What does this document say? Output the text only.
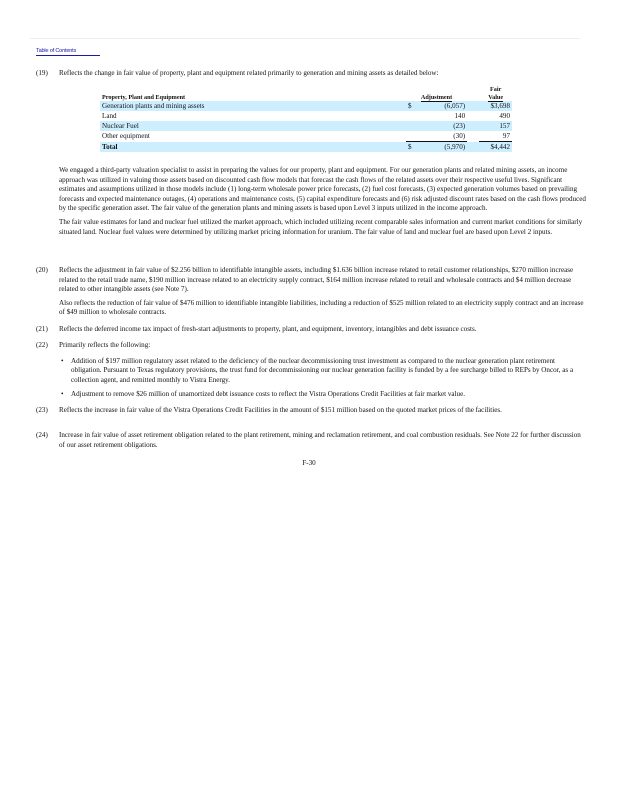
Table of Contents
(19) Reflects the change in fair value of property, plant and equipment related primarily to generation and mining assets as detailed below:

Property, Plant and Equipment	Adjustment			Fair
Value
Generation plants and mining assets	$	(6,057)		$3,698
Land		140		490
Nuclear Fuel		(23)		157
Other equipment		(30)		97
Total	$	(5,970)		$4,442

We engaged a third-party valuation specialist to assist in preparing the values for our property, plant and equipment. For our generation plants and related mining assets, an income approach was utilized in valuing those assets based on discounted cash flow models that forecast the cash flows of the related assets over their respective useful lives. Significant estimates and assumptions utilized in those models include (1) long-term wholesale power price forecasts, (2) fuel cost forecasts, (3) expected generation volumes based on prevailing forecasts and expected maintenance outages, (4) operations and maintenance costs, (5) capital expenditure forecasts and (6) risk adjusted discount rates based on the cash flows produced by the specific generation asset. The fair value of the generation plants and mining assets is based upon Level 3 inputs utilized in the income approach.

The fair value estimates for land and nuclear fuel utilized the market approach, which included utilizing recent comparable sales information and current market conditions for similarly situated land. Nuclear fuel values were determined by utilizing market pricing information for uranium. The fair value of land and nuclear fuel are based upon Level 2 inputs.

(20) Reflects the adjustment in fair value of $2.256 billion to identifiable intangible assets, including $1.636 billion increase related to retail customer relationships, $270 million increase related to the retail trade name, $190 million increase related to an electricity supply contract, $164 million increase related to retail and wholesale contracts and $4 million decrease related to other intangible assets (see Note 7).

Also reflects the reduction of fair value of $476 million to identifiable intangible liabilities, including a reduction of $525 million related to an electricity supply contract and an increase of $49 million to wholesale contracts.

(21) Reflects the deferred income tax impact of fresh-start adjustments to property, plant, and equipment, inventory, intangibles and debt issuance costs.

(22) Primarily reflects the following:

• Addition of $197 million regulatory asset related to the deficiency of the nuclear decommissioning trust investment as compared to the nuclear generation plant retirement obligation. Pursuant to Texas regulatory provisions, the trust fund for decommissioning our nuclear generation facility is funded by a fee surcharge billed to REPs by Oncor, as a collection agent, and remitted monthly to Vistra Energy.
• Adjustment to remove $26 million of unamortized debt issuance costs to reflect the Vistra Operations Credit Facilities at fair market value.
(23) Reflects the increase in fair value of the Vistra Operations Credit Facilities in the amount of $151 million based on the quoted market prices of the facilities.

(24) Increase in fair value of asset retirement obligation related to the plant retirement, mining and reclamation retirement, and coal combustion residuals. See Note 22 for further discussion of our asset retirement obligations.

F-30
